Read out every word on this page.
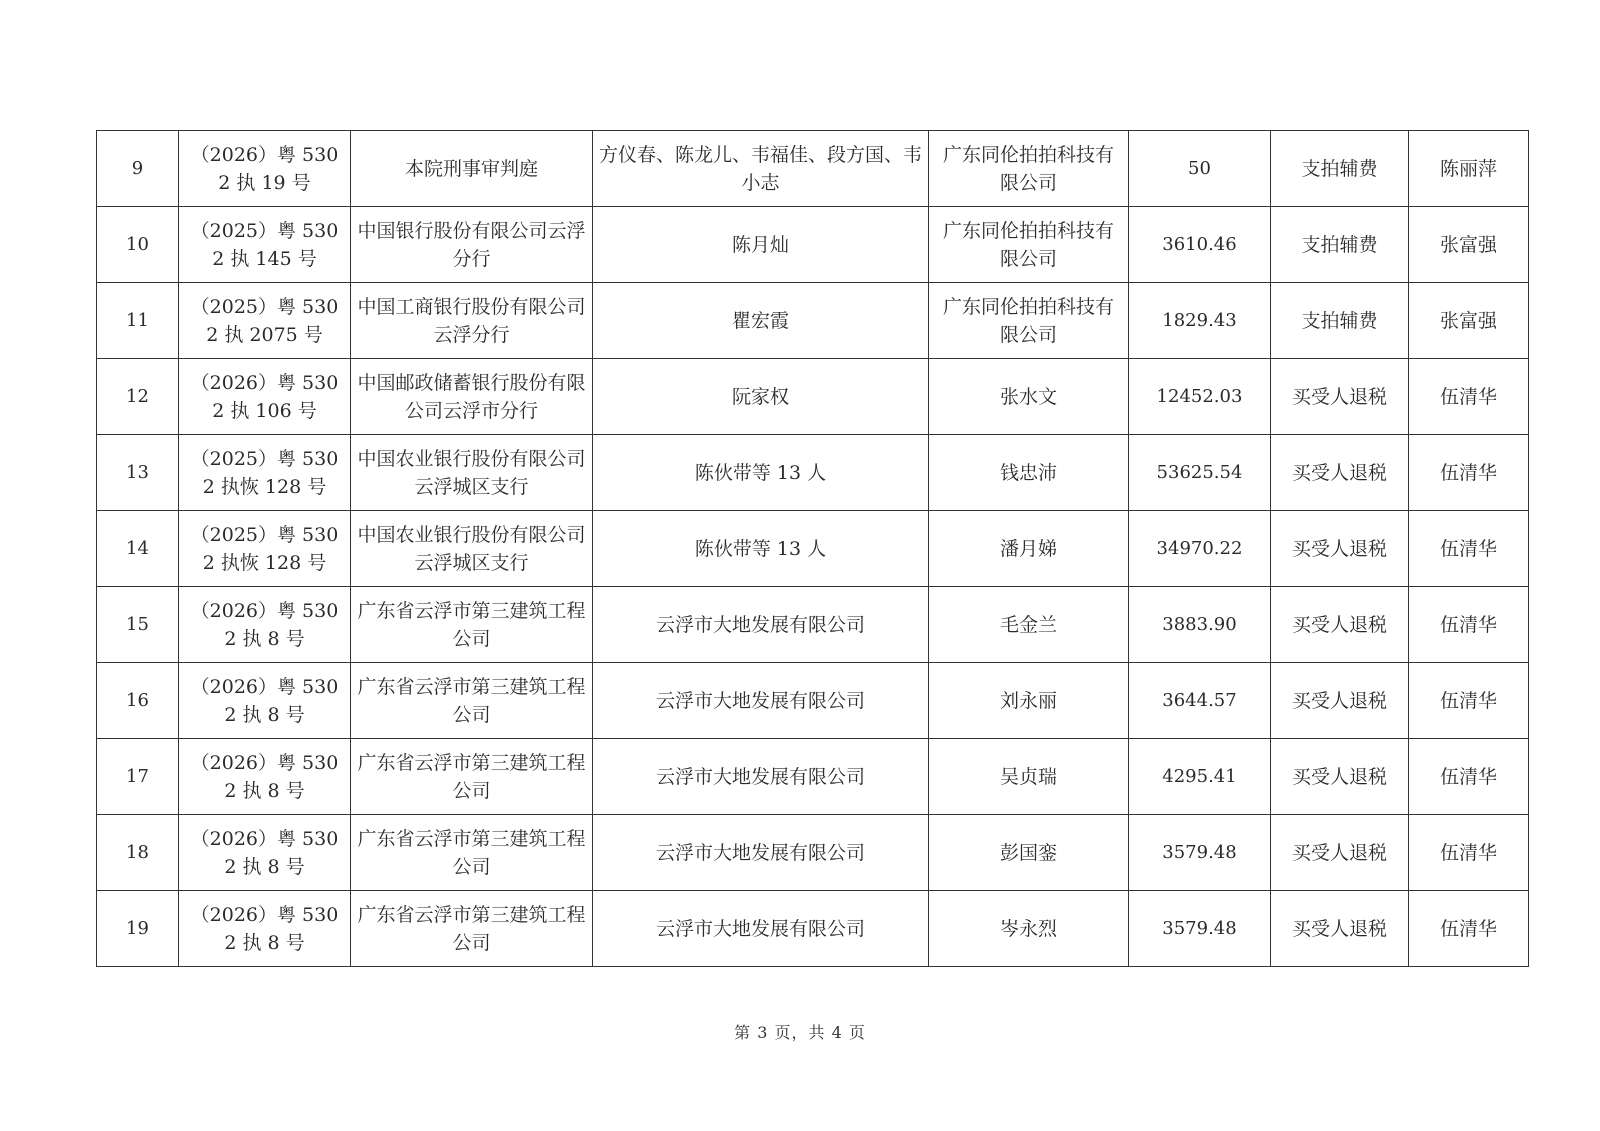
9	（2026）粤 5302 执 19 号	本院刑事审判庭	方仪春、陈龙儿、韦福佳、段方国、韦小志	广东同伦拍拍科技有限公司	50	支拍辅费	陈丽萍
10	（2025）粤 5302 执 145 号	中国银行股份有限公司云浮分行	陈月灿	广东同伦拍拍科技有限公司	3610.46	支拍辅费	张富强
11	（2025）粤 5302 执 2075 号	中国工商银行股份有限公司云浮分行	瞿宏霞	广东同伦拍拍科技有限公司	1829.43	支拍辅费	张富强
12	（2026）粤 5302 执 106 号	中国邮政储蓄银行股份有限公司云浮市分行	阮家权	张水文	12452.03	买受人退税	伍清华
13	（2025）粤 5302 执恢 128 号	中国农业银行股份有限公司云浮城区支行	陈伙带等 13 人	钱忠沛	53625.54	买受人退税	伍清华
14	（2025）粤 5302 执恢 128 号	中国农业银行股份有限公司云浮城区支行	陈伙带等 13 人	潘月娣	34970.22	买受人退税	伍清华
15	（2026）粤 5302 执 8 号	广东省云浮市第三建筑工程公司	云浮市大地发展有限公司	毛金兰	3883.90	买受人退税	伍清华
16	（2026）粤 5302 执 8 号	广东省云浮市第三建筑工程公司	云浮市大地发展有限公司	刘永丽	3644.57	买受人退税	伍清华
17	（2026）粤 5302 执 8 号	广东省云浮市第三建筑工程公司	云浮市大地发展有限公司	吴贞瑞	4295.41	买受人退税	伍清华
18	（2026）粤 5302 执 8 号	广东省云浮市第三建筑工程公司	云浮市大地发展有限公司	彭国銮	3579.48	买受人退税	伍清华
19	（2026）粤 5302 执 8 号	广东省云浮市第三建筑工程公司	云浮市大地发展有限公司	岑永烈	3579.48	买受人退税	伍清华
第 3 页，共 4 页
